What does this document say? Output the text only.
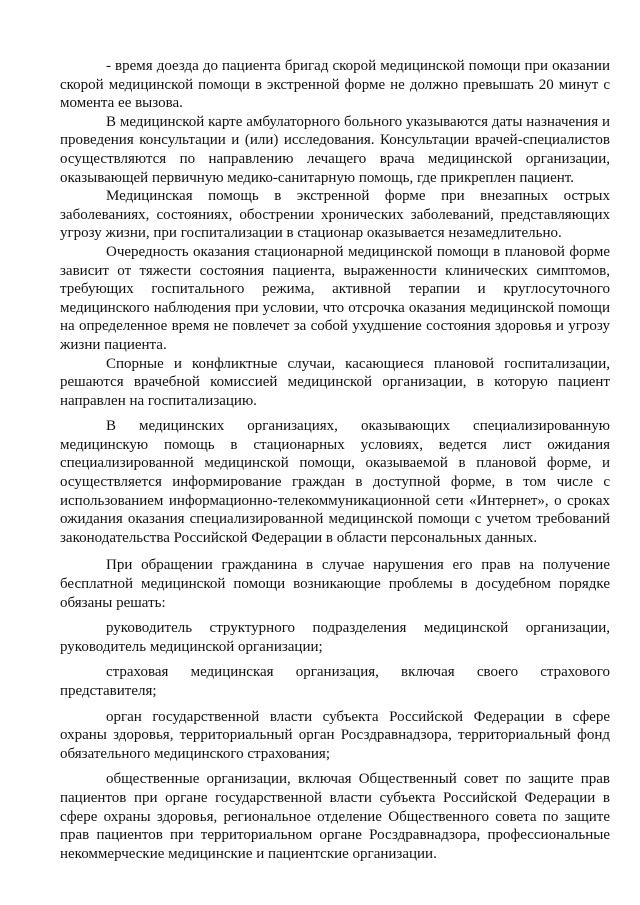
- время доезда до пациента бригад скорой медицинской помощи при оказании скорой медицинской помощи в экстренной форме не должно превышать 20 минут с момента ее вызова.

В медицинской карте амбулаторного больного указываются даты назначения и проведения консультации и (или) исследования. Консультации врачей-специалистов осуществляются по направлению лечащего врача медицинской организации, оказывающей первичную медико-санитарную помощь, где прикреплен пациент.

Медицинская помощь в экстренной форме при внезапных острых заболеваниях, состояниях, обострении хронических заболеваний, представляющих угрозу жизни, при госпитализации в стационар оказывается незамедлительно.

Очередность оказания стационарной медицинской помощи в плановой форме зависит от тяжести состояния пациента, выраженности клинических симптомов, требующих госпитального режима, активной терапии и круглосуточного медицинского наблюдения при условии, что отсрочка оказания медицинской помощи на определенное время не повлечет за собой ухудшение состояния здоровья и угрозу жизни пациента.

Спорные и конфликтные случаи, касающиеся плановой госпитализации, решаются врачебной комиссией медицинской организации, в которую пациент направлен на госпитализацию.

В медицинских организациях, оказывающих специализированную медицинскую помощь в стационарных условиях, ведется лист ожидания специализированной медицинской помощи, оказываемой в плановой форме, и осуществляется информирование граждан в доступной форме, в том числе с использованием информационно-телекоммуникационной сети «Интернет», о сроках ожидания оказания специализированной медицинской помощи с учетом требований законодательства Российской Федерации в области персональных данных.

При обращении гражданина в случае нарушения его прав на получение бесплатной медицинской помощи возникающие проблемы в досудебном порядке обязаны решать:

руководитель структурного подразделения медицинской организации, руководитель медицинской организации;

страховая медицинская организация, включая своего страхового представителя;

орган государственной власти субъекта Российской Федерации в сфере охраны здоровья, территориальный орган Росздравнадзора, территориальный фонд обязательного медицинского страхования;

общественные организации, включая Общественный совет по защите прав пациентов при органе государственной власти субъекта Российской Федерации в сфере охраны здоровья, региональное отделение Общественного совета по защите прав пациентов при территориальном органе Росздравнадзора, профессиональные некоммерческие медицинские и пациентские организации.
